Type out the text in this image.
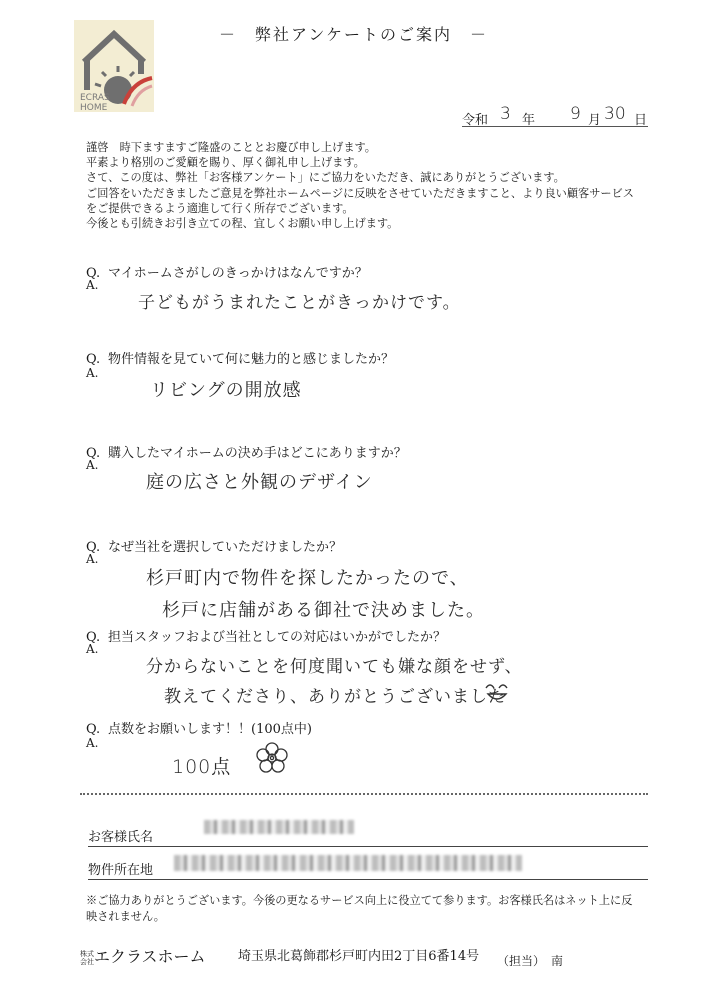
－　弊社アンケートのご案内　－
ECRAS
HOME
令和 3 年 9 月 30 日
謹啓　時下ますますご隆盛のこととお慶び申し上げます。
平素より格別のご愛顧を賜り、厚く御礼申し上げます。
さて、この度は、弊社「お客様アンケート」にご協力をいただき、誠にありがとうございます。
ご回答をいただきましたご意見を弊社ホームページに反映をさせていただきますこと、より良い顧客サービス
をご提供できるよう適進して行く所存でございます。
今後とも引続きお引き立ての程、宜しくお願い申し上げます。
Q. マイホームさがしのきっかけはなんですか？
A.
子どもがうまれたことがきっかけです。
Q. 物件情報を見ていて何に魅力的と感じましたか？
A.
リビングの開放感
Q. 購入したマイホームの決め手はどこにありますか？
A.
庭の広さと外観のデザイン
Q. なぜ当社を選択していただけましたか？
A.
杉戸町内で物件を探したかったので、
杉戸に店舗がある御社で決めました。
Q. 担当スタッフおよび当社としての対応はいかがでしたか？
A.
分からないことを何度聞いても嫌な顔をせず、
教えてくださり、ありがとうございました
Q. 点数をお願いします！！(100点中)
A.
100点
お客様氏名
物件所在地
※ご協力ありがとうございます。今後の更なるサービス向上に役立てて参ります。お客様氏名はネット上に反
映されません。
株式会社エクラスホーム 埼玉県北葛飾郡杉戸町内田2丁目6番14号 （担当） 南
